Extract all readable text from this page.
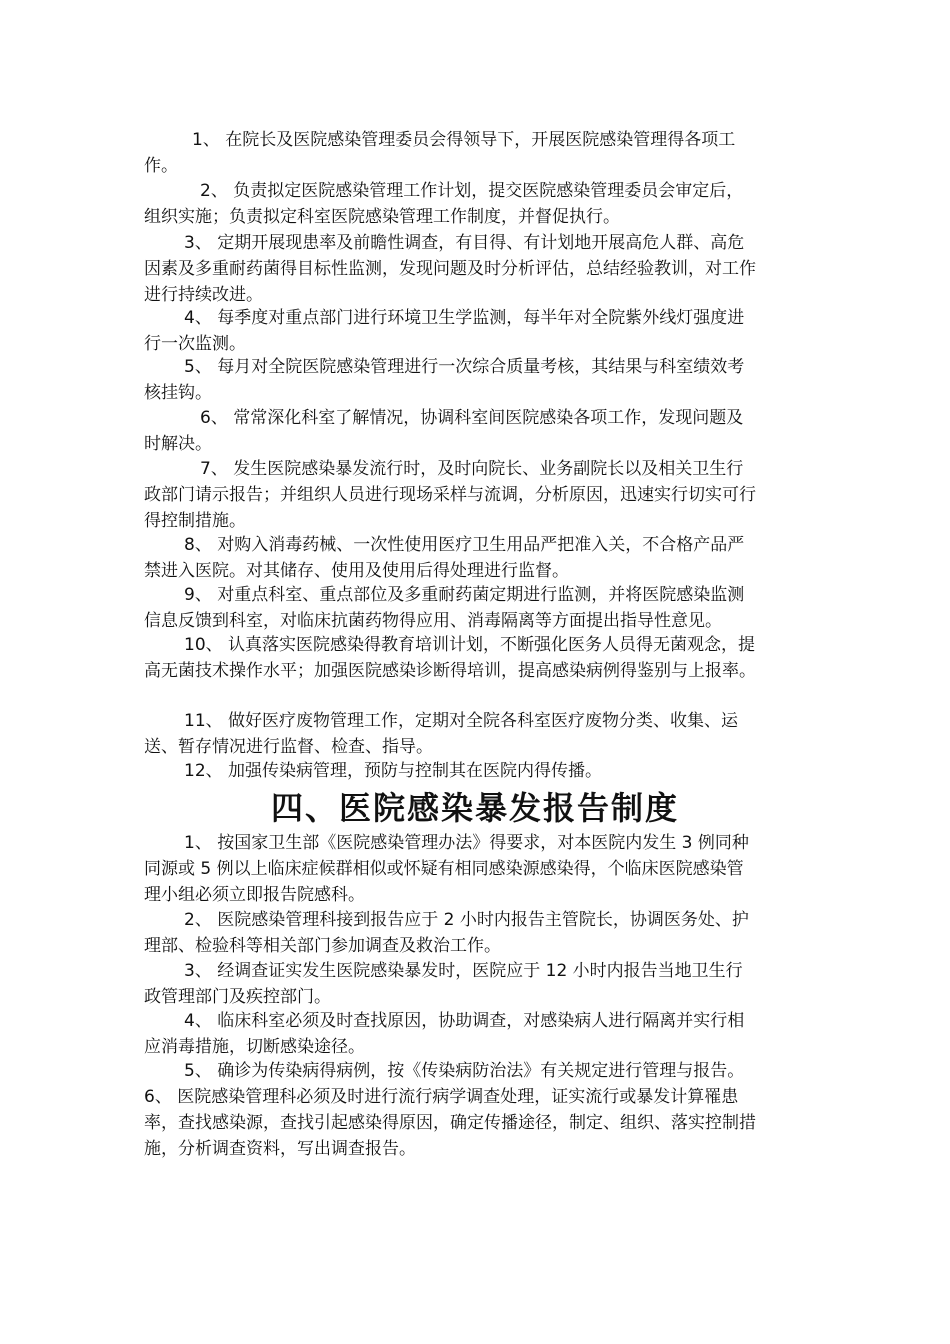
1、 在院长及医院感染管理委员会得领导下，开展医院感染管理得各项工
作。

2、 负责拟定医院感染管理工作计划，提交医院感染管理委员会审定后，
组织实施；负责拟定科室医院感染管理工作制度，并督促执行。

3、 定期开展现患率及前瞻性调查，有目得、有计划地开展高危人群、高危
因素及多重耐药菌得目标性监测，发现问题及时分析评估，总结经验教训，对工作
进行持续改进。

4、 每季度对重点部门进行环境卫生学监测，每半年对全院紫外线灯强度进
行一次监测。

5、 每月对全院医院感染管理进行一次综合质量考核，其结果与科室绩效考
核挂钩。

6、 常常深化科室了解情况，协调科室间医院感染各项工作，发现问题及
时解决。

7、 发生医院感染暴发流行时，及时向院长、业务副院长以及相关卫生行
政部门请示报告；并组织人员进行现场采样与流调，分析原因，迅速实行切实可行
得控制措施。

8、 对购入消毒药械、一次性使用医疗卫生用品严把准入关，不合格产品严
禁进入医院。对其储存、使用及使用后得处理进行监督。

9、 对重点科室、重点部位及多重耐药菌定期进行监测，并将医院感染监测
信息反馈到科室，对临床抗菌药物得应用、消毒隔离等方面提出指导性意见。

10、 认真落实医院感染得教育培训计划，不断强化医务人员得无菌观念，提
高无菌技术操作水平；加强医院感染诊断得培训，提高感染病例得鉴别与上报率。

11、 做好医疗废物管理工作，定期对全院各科室医疗废物分类、收集、运
送、暂存情况进行监督、检查、指导。

12、 加强传染病管理，预防与控制其在医院内得传播。

四、医院感染暴发报告制度

1、 按国家卫生部《医院感染管理办法》得要求，对本医院内发生 3 例同种
同源或 5 例以上临床症候群相似或怀疑有相同感染源感染得，个临床医院感染管
理小组必须立即报告院感科。

2、 医院感染管理科接到报告应于 2 小时内报告主管院长，协调医务处、护
理部、检验科等相关部门参加调查及救治工作。

3、 经调查证实发生医院感染暴发时，医院应于 12 小时内报告当地卫生行
政管理部门及疾控部门。

4、 临床科室必须及时查找原因，协助调查，对感染病人进行隔离并实行相
应消毒措施，切断感染途径。

5、 确诊为传染病得病例，按《传染病防治法》有关规定进行管理与报告。

6、 医院感染管理科必须及时进行流行病学调查处理，证实流行或暴发计算罹患
率，查找感染源，查找引起感染得原因，确定传播途径，制定、组织、落实控制措
施，分析调查资料，写出调查报告。
